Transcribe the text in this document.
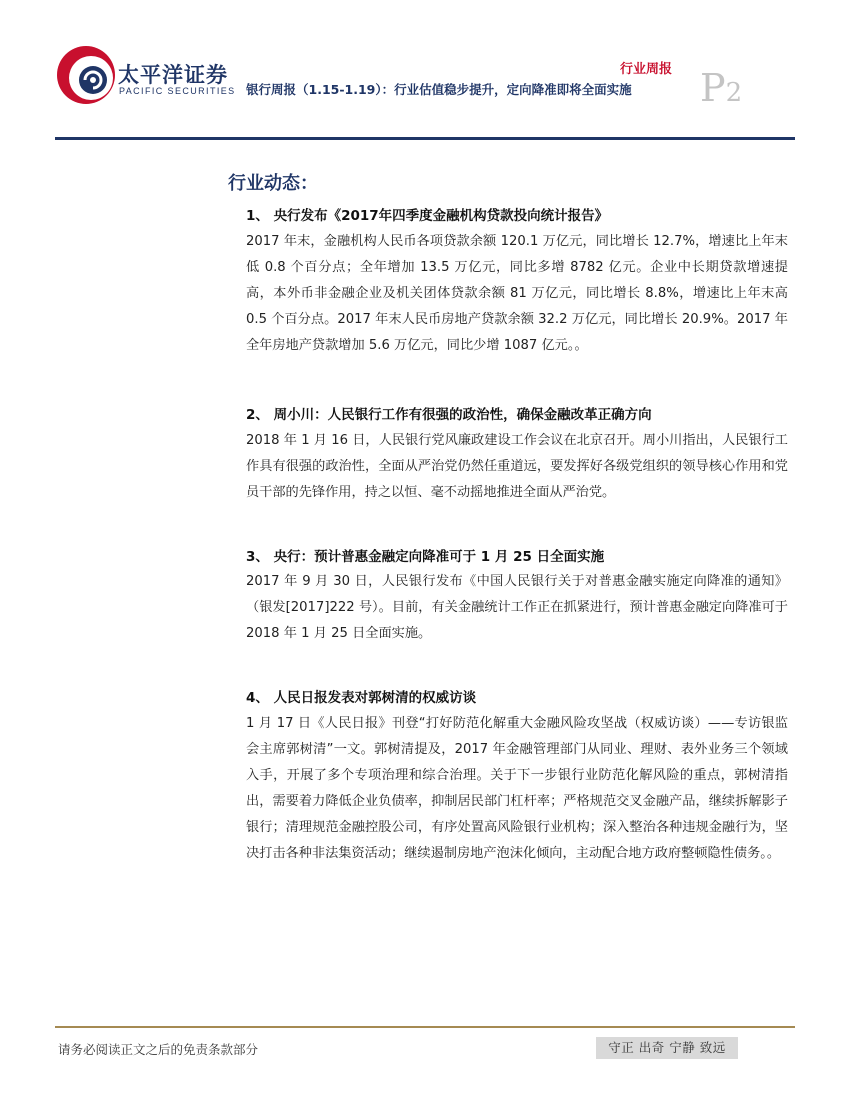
太平洋证券
PACIFIC SECURITIES
行业周报
银行周报（1.15-1.19）：行业估值稳步提升，定向降准即将全面实施 P2
行业动态：
1、 央行发布《2017年四季度金融机构贷款投向统计报告》
2017 年末，金融机构人民币各项贷款余额 120.1 万亿元，同比增长 12.7%，增速比上年末低 0.8 个百分点；全年增加 13.5 万亿元，同比多增 8782 亿元。企业中长期贷款增速提高，本外币非金融企业及机关团体贷款余额 81 万亿元，同比增长 8.8%，增速比上年末高 0.5 个百分点。2017 年末人民币房地产贷款余额 32.2 万亿元，同比增长 20.9%。2017 年全年房地产贷款增加 5.6 万亿元，同比少增 1087 亿元。。
2、 周小川：人民银行工作有很强的政治性，确保金融改革正确方向
2018 年 1 月 16 日，人民银行党风廉政建设工作会议在北京召开。周小川指出，人民银行工作具有很强的政治性，全面从严治党仍然任重道远，要发挥好各级党组织的领导核心作用和党员干部的先锋作用，持之以恒、毫不动摇地推进全面从严治党。
3、 央行：预计普惠金融定向降准可于 1 月 25 日全面实施
2017 年 9 月 30 日，人民银行发布《中国人民银行关于对普惠金融实施定向降准的通知》（银发[2017]222 号）。目前，有关金融统计工作正在抓紧进行，预计普惠金融定向降准可于 2018 年 1 月 25 日全面实施。
4、 人民日报发表对郭树清的权威访谈
1 月 17 日《人民日报》刊登“打好防范化解重大金融风险攻坚战（权威访谈）——专访银监会主席郭树清”一文。郭树清提及，2017 年金融管理部门从同业、理财、表外业务三个领域入手，开展了多个专项治理和综合治理。关于下一步银行业防范化解风险的重点，郭树清指出，需要着力降低企业负债率，抑制居民部门杠杆率；严格规范交叉金融产品，继续拆解影子银行；清理规范金融控股公司，有序处置高风险银行业机构；深入整治各种违规金融行为，坚决打击各种非法集资活动；继续遏制房地产泡沫化倾向，主动配合地方政府整顿隐性债务。。
请务必阅读正文之后的免责条款部分	守正 出奇 宁静 致远
